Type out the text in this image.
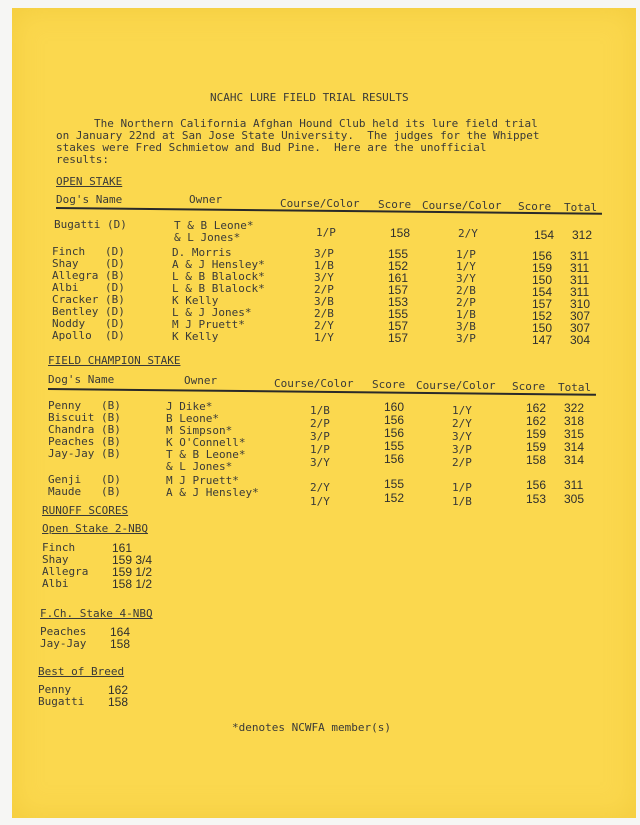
NCAHC LURE FIELD TRIAL RESULTS
The Northern California Afghan Hound Club held its lure field trial
on January 22nd at San Jose State University.  The judges for the Whippet
stakes were Fred Schmietow and Bud Pine.  Here are the unofficial
results:
OPEN STAKE
Dog's Name	Owner	Course/Color Score Course/Color Score Total
Bugatti (D)	T & B Leone*
& L Jones*	1/P	158	2/Y	154 312
Finch   (D)	D. Morris	3/P	155	1/P	156 311
Shay    (D)	A & J Hensley*	1/B	152	1/Y	159 311
Allegra (B)	L & B Blalock*	3/Y	161	3/Y	150 311
Albi    (D)	L & B Blalock*	2/P	157	2/B	154 311
Cracker (B)	K Kelly	3/B	153	2/P	157 310
Bentley (D)	L & J Jones*	2/B	155	1/B	152 307
Noddy   (D)	M J Pruett*	2/Y	157	3/B	150 307
Apollo  (D)	K Kelly	1/Y	157	3/P	147 304
FIELD CHAMPION STAKE
Dog's Name	Owner	Course/Color Score Course/Color Score Total
Penny   (B)	J Dike*	1/B	160	1/Y	162 322
Biscuit (B)	B Leone*	2/P	156	2/Y	162 318
Chandra (B)	M Simpson*	3/P	156	3/Y	159 315
Peaches (B)	K O'Connell*
1/P	155	3/P	159 314
Jay-Jay (B)	T & B Leone*
& L Jones*	3/Y	156	2/P	158 314
Genji   (D)	M J Pruett*
2/Y	155	1/P	156 311
Maude   (B)	A & J Hensley*
1/Y	152	1/B	153 305
RUNOFF SCORES
Open Stake 2-NBQ
Finch	161
Shay	159 3/4
Allegra 159 1/2
Albi	158 1/2
F.Ch. Stake 4-NBQ
Peaches 164
Jay-Jay 158
Best of Breed
Penny	162
Bugatti 158
*denotes NCWFA member(s)
